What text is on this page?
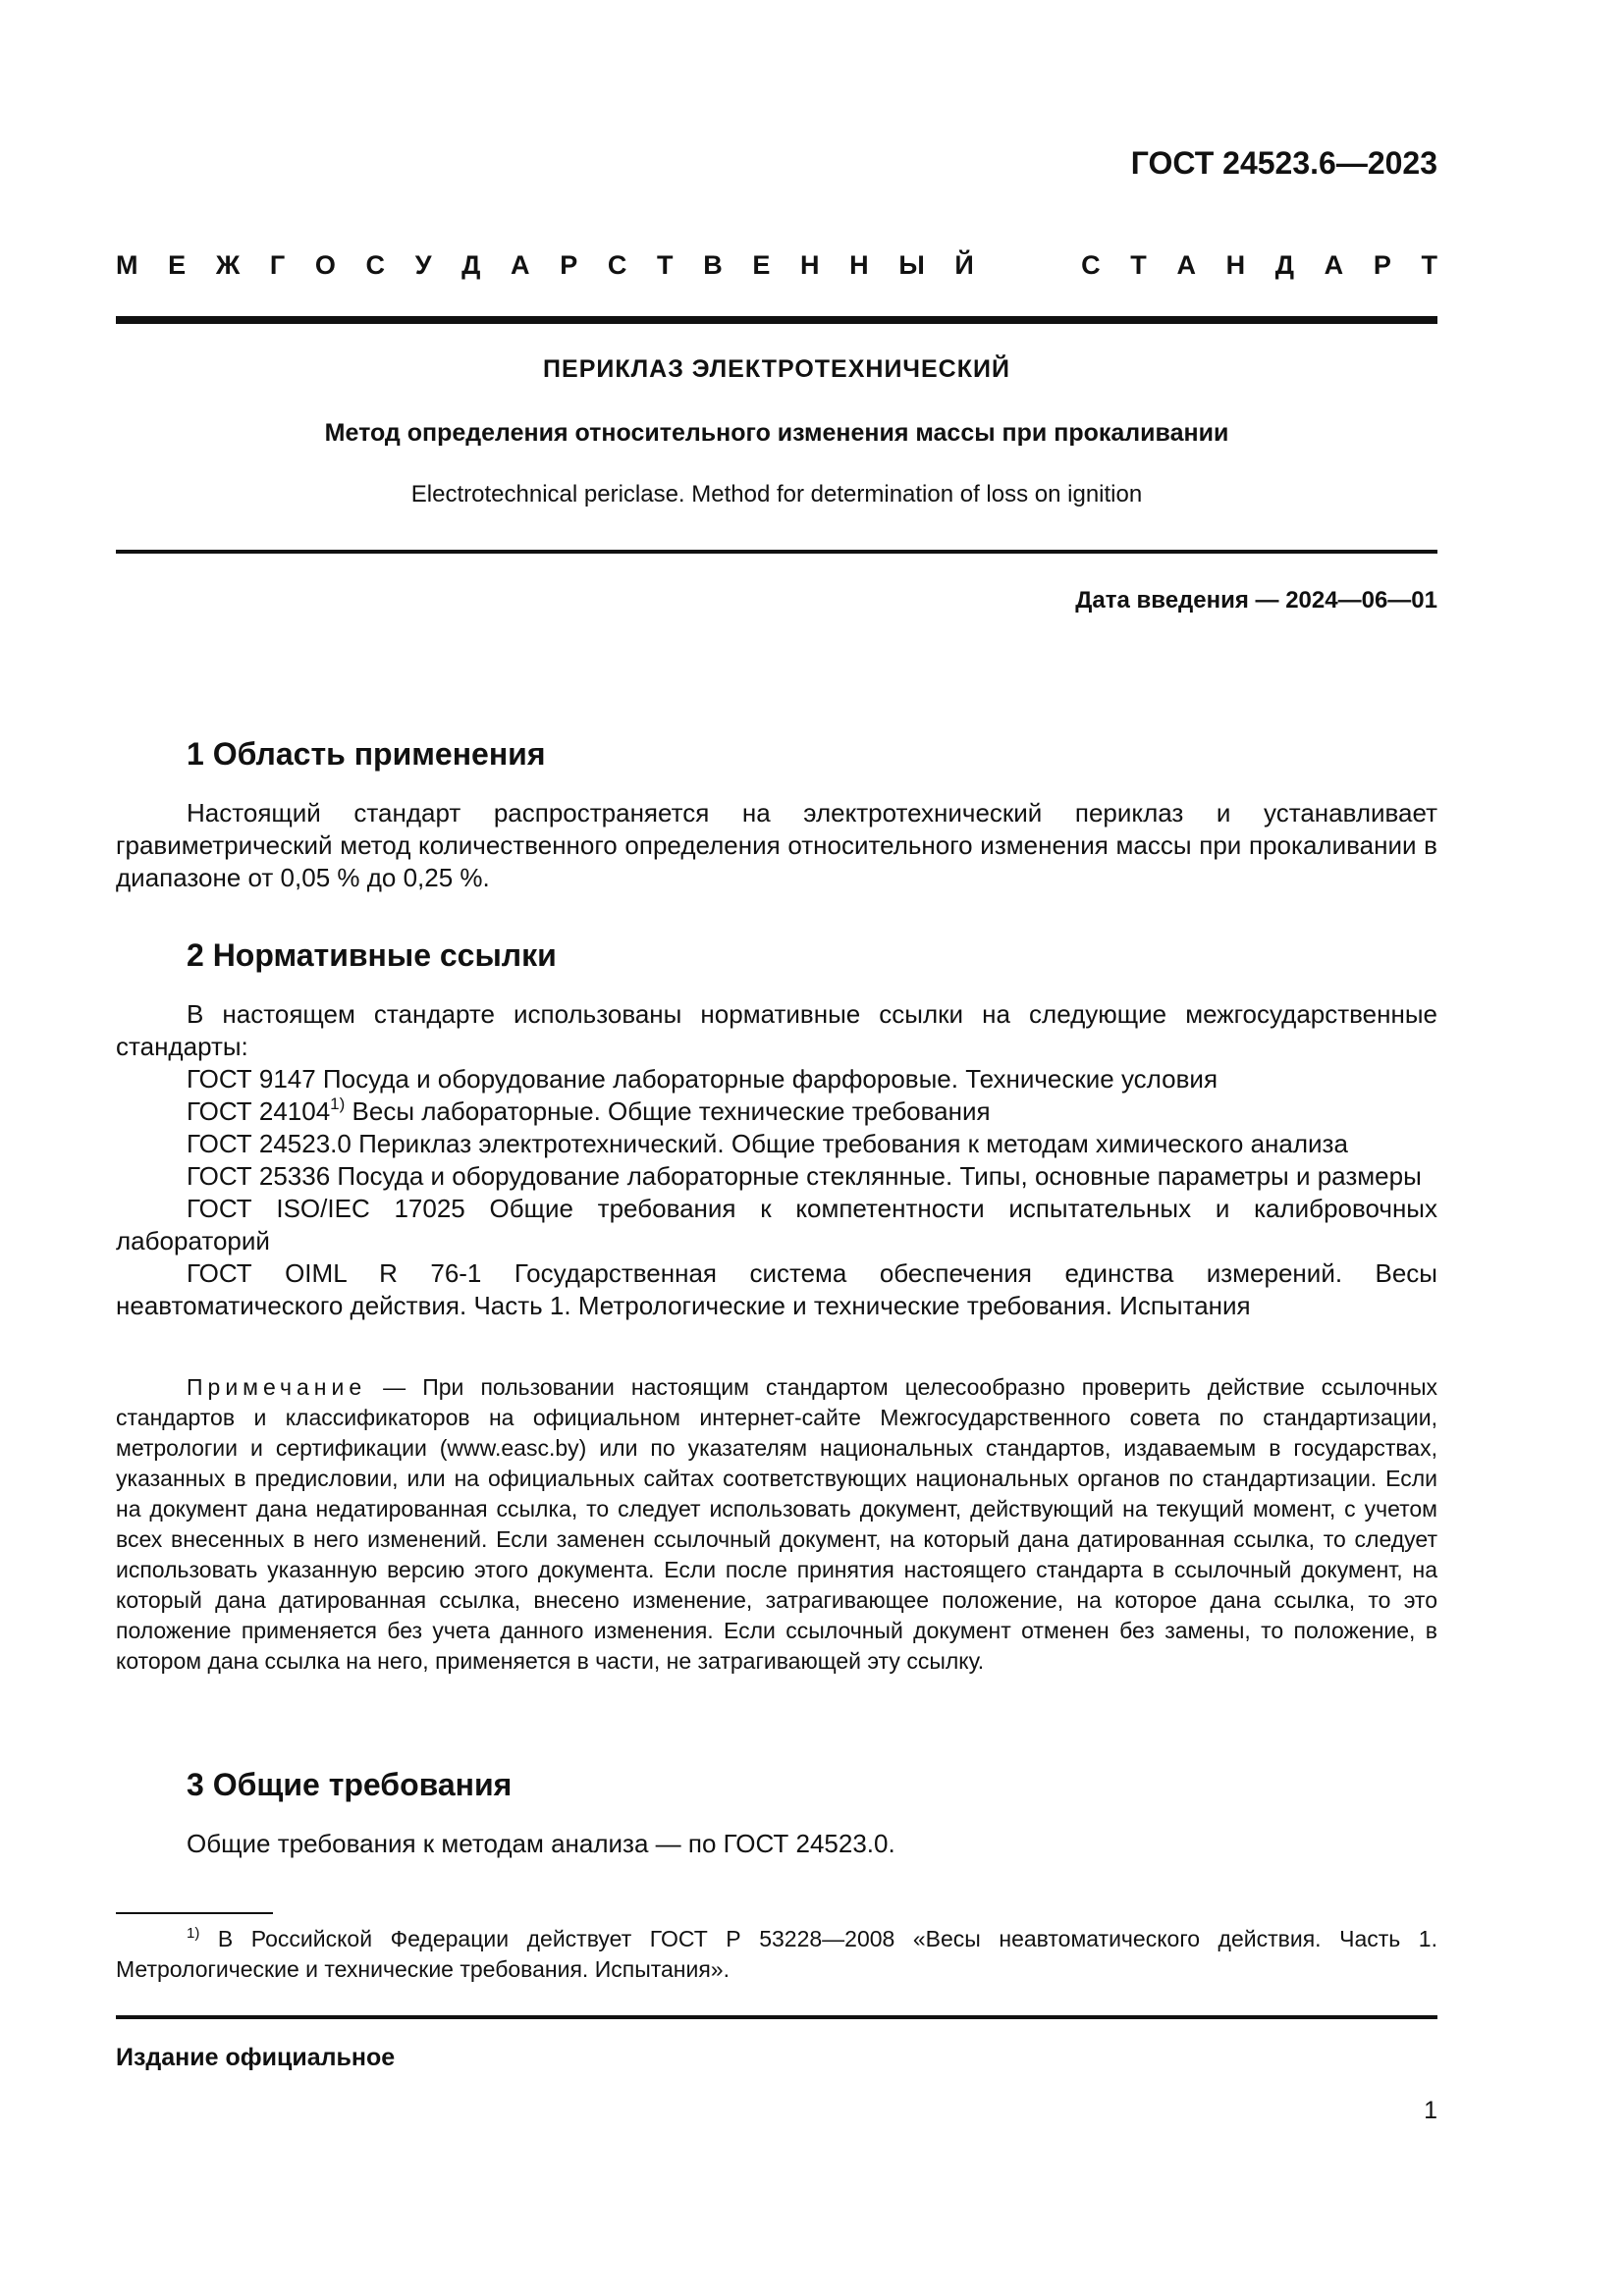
ГОСТ 24523.6—2023
М Е Ж Г О С У Д А Р С Т В Е Н Н Ы Й	С Т А Н Д А Р Т
ПЕРИКЛАЗ ЭЛЕКТРОТЕХНИЧЕСКИЙ
Метод определения относительного изменения массы при прокаливании
Electrotechnical periclase. Method for determination of loss on ignition
Дата введения — 2024—06—01
1 Область применения

Настоящий стандарт распространяется на электротехнический периклаз и устанавливает гравиметрический метод количественного определения относительного изменения массы при прокаливании в диапазоне от 0,05 % до 0,25 %.

2 Нормативные ссылки

В настоящем стандарте использованы нормативные ссылки на следующие межгосударственные стандарты:

ГОСТ 9147 Посуда и оборудование лабораторные фарфоровые. Технические условия

ГОСТ 24104$^{1)}$ Весы лабораторные. Общие технические требования

ГОСТ 24523.0 Периклаз электротехнический. Общие требования к методам химического анализа

ГОСТ 25336 Посуда и оборудование лабораторные стеклянные. Типы, основные параметры и размеры

ГОСТ ISO/IEC 17025 Общие требования к компетентности испытательных и калибровочных лабораторий

ГОСТ OIML R 76-1 Государственная система обеспечения единства измерений. Весы неавтоматического действия. Часть 1. Метрологические и технические требования. Испытания

Примечание — При пользовании настоящим стандартом целесообразно проверить действие ссылочных стандартов и классификаторов на официальном интернет-сайте Межгосударственного совета по стандартизации, метрологии и сертификации (www.easc.by) или по указателям национальных стандартов, издаваемым в государствах, указанных в предисловии, или на официальных сайтах соответствующих национальных органов по стандартизации. Если на документ дана недатированная ссылка, то следует использовать документ, действующий на текущий момент, с учетом всех внесенных в него изменений. Если заменен ссылочный документ, на который дана датированная ссылка, то следует использовать указанную версию этого документа. Если после принятия настоящего стандарта в ссылочный документ, на который дана датированная ссылка, внесено изменение, затрагивающее положение, на которое дана ссылка, то это положение применяется без учета данного изменения. Если ссылочный документ отменен без замены, то положение, в котором дана ссылка на него, применяется в части, не затрагивающей эту ссылку.
3 Общие требования

Общие требования к методам анализа — по ГОСТ 24523.0.

$^{1)}$ В Российской Федерации действует ГОСТ Р 53228—2008 «Весы неавтоматического действия. Часть 1. Метрологические и технические требования. Испытания».
Издание официальное
1
